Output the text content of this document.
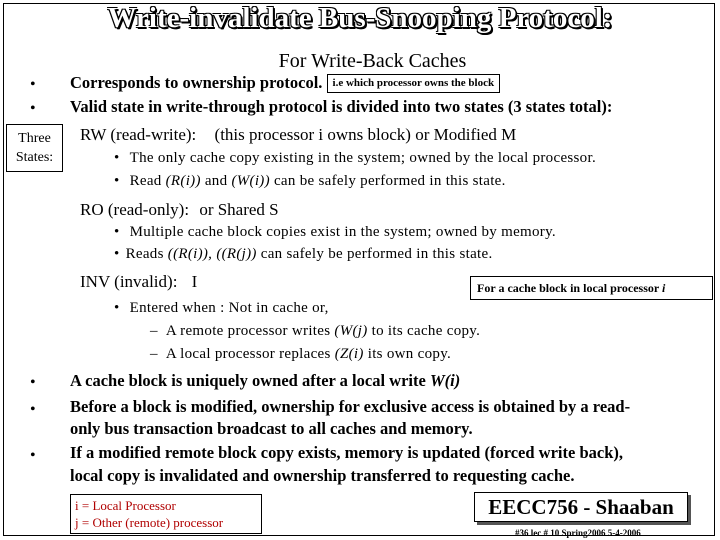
Write-invalidate Bus-Snooping Protocol:
For Write-Back Caches
• Corresponds to ownership protocol. i.e which processor owns the block
• Valid state in write-through protocol is divided into two states (3 states total):
Three
States:
RW (read-write): (this processor i owns block) or Modified M
• The only cache copy existing in the system; owned by the local processor.
• Read (R(i)) and (W(i)) can be safely performed in this state.
RO (read-only): or Shared S
• Multiple cache block copies exist in the system; owned by memory.
• Reads ((R(i)), ((R(j)) can safely be performed in this state.
INV (invalid): I	For a cache block in local processor i
• Entered when : Not in cache or,
– A remote processor writes (W(j) to its cache copy.
– A local processor replaces (Z(i) its own copy.
• A cache block is uniquely owned after a local write W(i)
• Before a block is modified, ownership for exclusive access is obtained by a read-
only bus transaction broadcast to all caches and memory.
• If a modified remote block copy exists, memory is updated (forced write back),
local copy is invalidated and ownership transferred to requesting cache.
i = Local Processor
j = Other (remote) processor
EECC756 - Shaaban
#36 lec # 10 Spring2006 5-4-2006
